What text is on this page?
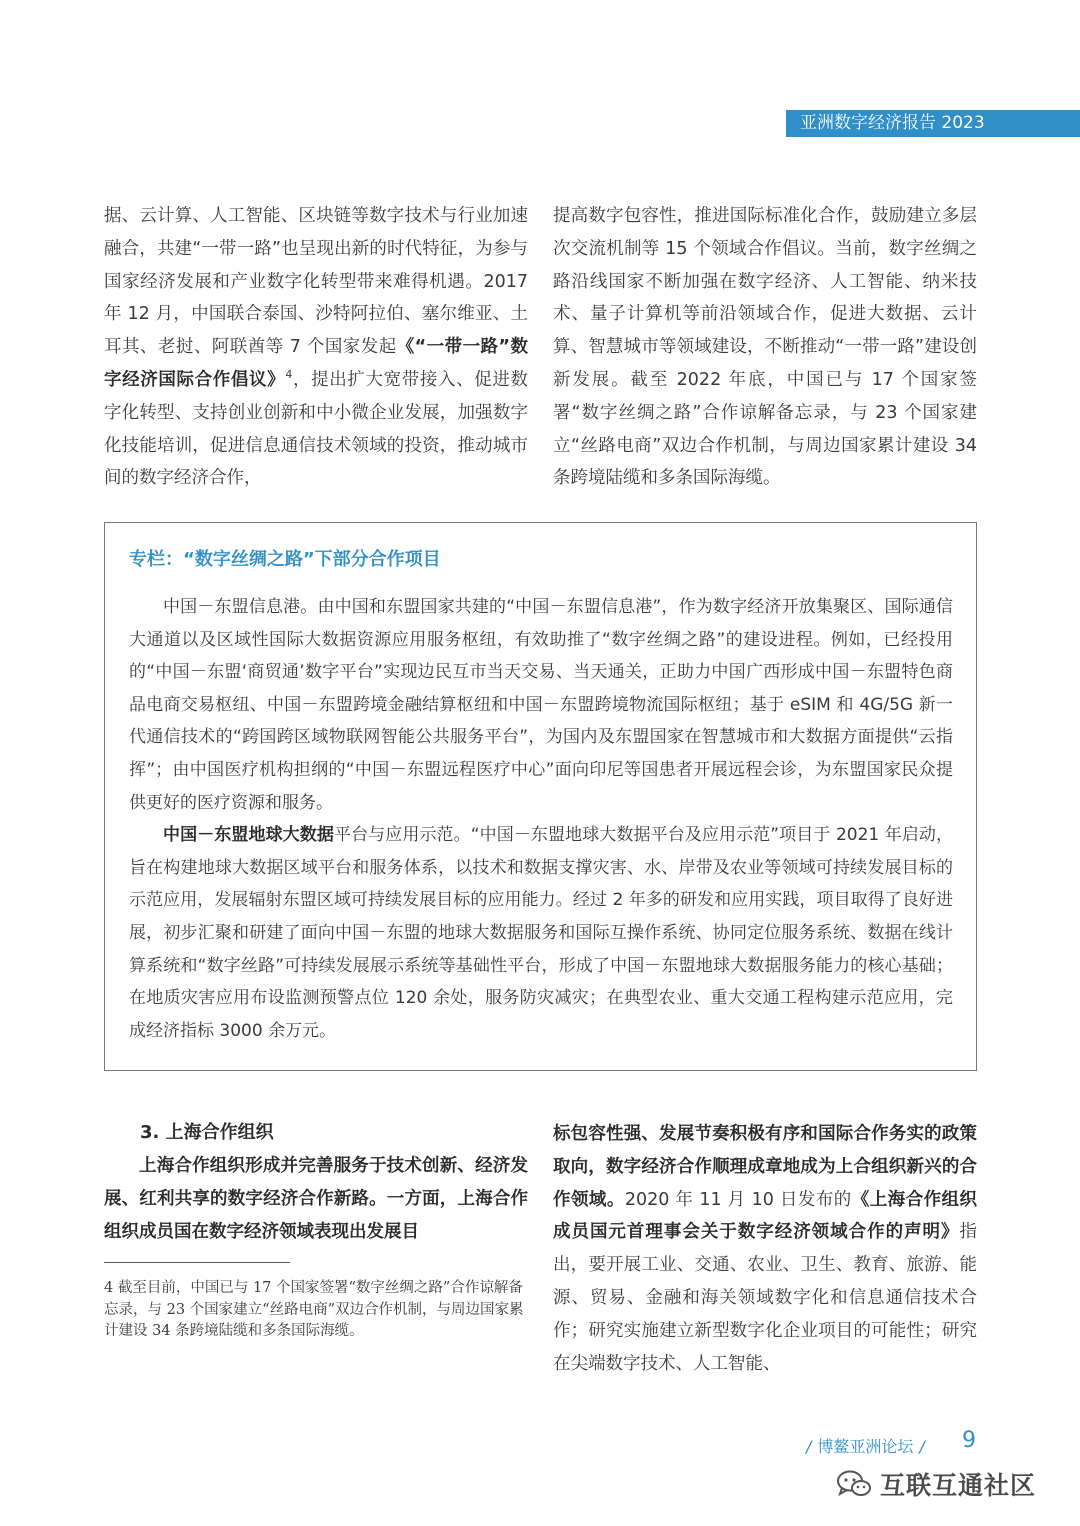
亚洲数字经济报告 2023

据、云计算、人工智能、区块链等数字技术与行业加速融合，共建“一带一路”也呈现出新的时代特征，为参与国家经济发展和产业数字化转型带来难得机遇。2017 年 12 月，中国联合泰国、沙特阿拉伯、塞尔维亚、土耳其、老挝、阿联酋等 7 个国家发起《“一带一路”数字经济国际合作倡议》$^4$，提出扩大宽带接入、促进数字化转型、支持创业创新和中小微企业发展，加强数字化技能培训，促进信息通信技术领域的投资，推动城市间的数字经济合作，

提高数字包容性，推进国际标准化合作，鼓励建立多层次交流机制等 15 个领域合作倡议。当前，数字丝绸之路沿线国家不断加强在数字经济、人工智能、纳米技术、量子计算机等前沿领域合作，促进大数据、云计算、智慧城市等领域建设，不断推动“一带一路”建设创新发展。截至 2022 年底，中国已与 17 个国家签署“数字丝绸之路”合作谅解备忘录，与 23 个国家建立“丝路电商”双边合作机制，与周边国家累计建设 34 条跨境陆缆和多条国际海缆。

专栏：“数字丝绸之路”下部分合作项目

中国－东盟信息港。由中国和东盟国家共建的“中国－东盟信息港”，作为数字经济开放集聚区、国际通信大通道以及区域性国际大数据资源应用服务枢纽，有效助推了“数字丝绸之路”的建设进程。例如，已经投用的“中国－东盟‘商贸通’数字平台”实现边民互市当天交易、当天通关，正助力中国广西形成中国－东盟特色商品电商交易枢纽、中国－东盟跨境金融结算枢纽和中国－东盟跨境物流国际枢纽；基于 eSIM 和 4G/5G 新一代通信技术的“跨国跨区域物联网智能公共服务平台”，为国内及东盟国家在智慧城市和大数据方面提供“云指挥”；由中国医疗机构担纲的“中国－东盟远程医疗中心”面向印尼等国患者开展远程会诊，为东盟国家民众提供更好的医疗资源和服务。

中国－东盟地球大数据平台与应用示范。“中国－东盟地球大数据平台及应用示范”项目于 2021 年启动，旨在构建地球大数据区域平台和服务体系，以技术和数据支撑灾害、水、岸带及农业等领域可持续发展目标的示范应用，发展辐射东盟区域可持续发展目标的应用能力。经过 2 年多的研发和应用实践，项目取得了良好进展，初步汇聚和研建了面向中国－东盟的地球大数据服务和国际互操作系统、协同定位服务系统、数据在线计算系统和“数字丝路”可持续发展展示系统等基础性平台，形成了中国－东盟地球大数据服务能力的核心基础；在地质灾害应用布设监测预警点位 120 余处，服务防灾减灾；在典型农业、重大交通工程构建示范应用，完成经济指标 3000 余万元。

3. 上海合作组织

上海合作组织形成并完善服务于技术创新、经济发展、红利共享的数字经济合作新路。一方面，上海合作组织成员国在数字经济领域表现出发展目

4 截至目前，中国已与 17 个国家签署“数字丝绸之路”合作谅解备忘录，与 23 个国家建立“丝路电商”双边合作机制，与周边国家累计建设 34 条跨境陆缆和多条国际海缆。

标包容性强、发展节奏积极有序和国际合作务实的政策取向，数字经济合作顺理成章地成为上合组织新兴的合作领域。2020 年 11 月 10 日发布的《上海合作组织成员国元首理事会关于数字经济领域合作的声明》指出，要开展工业、交通、农业、卫生、教育、旅游、能源、贸易、金融和海关领域数字化和信息通信技术合作；研究实施建立新型数字化企业项目的可能性；研究在尖端数字技术、人工智能、

/ 博鳌亚洲论坛 / 9
互联互通社区
